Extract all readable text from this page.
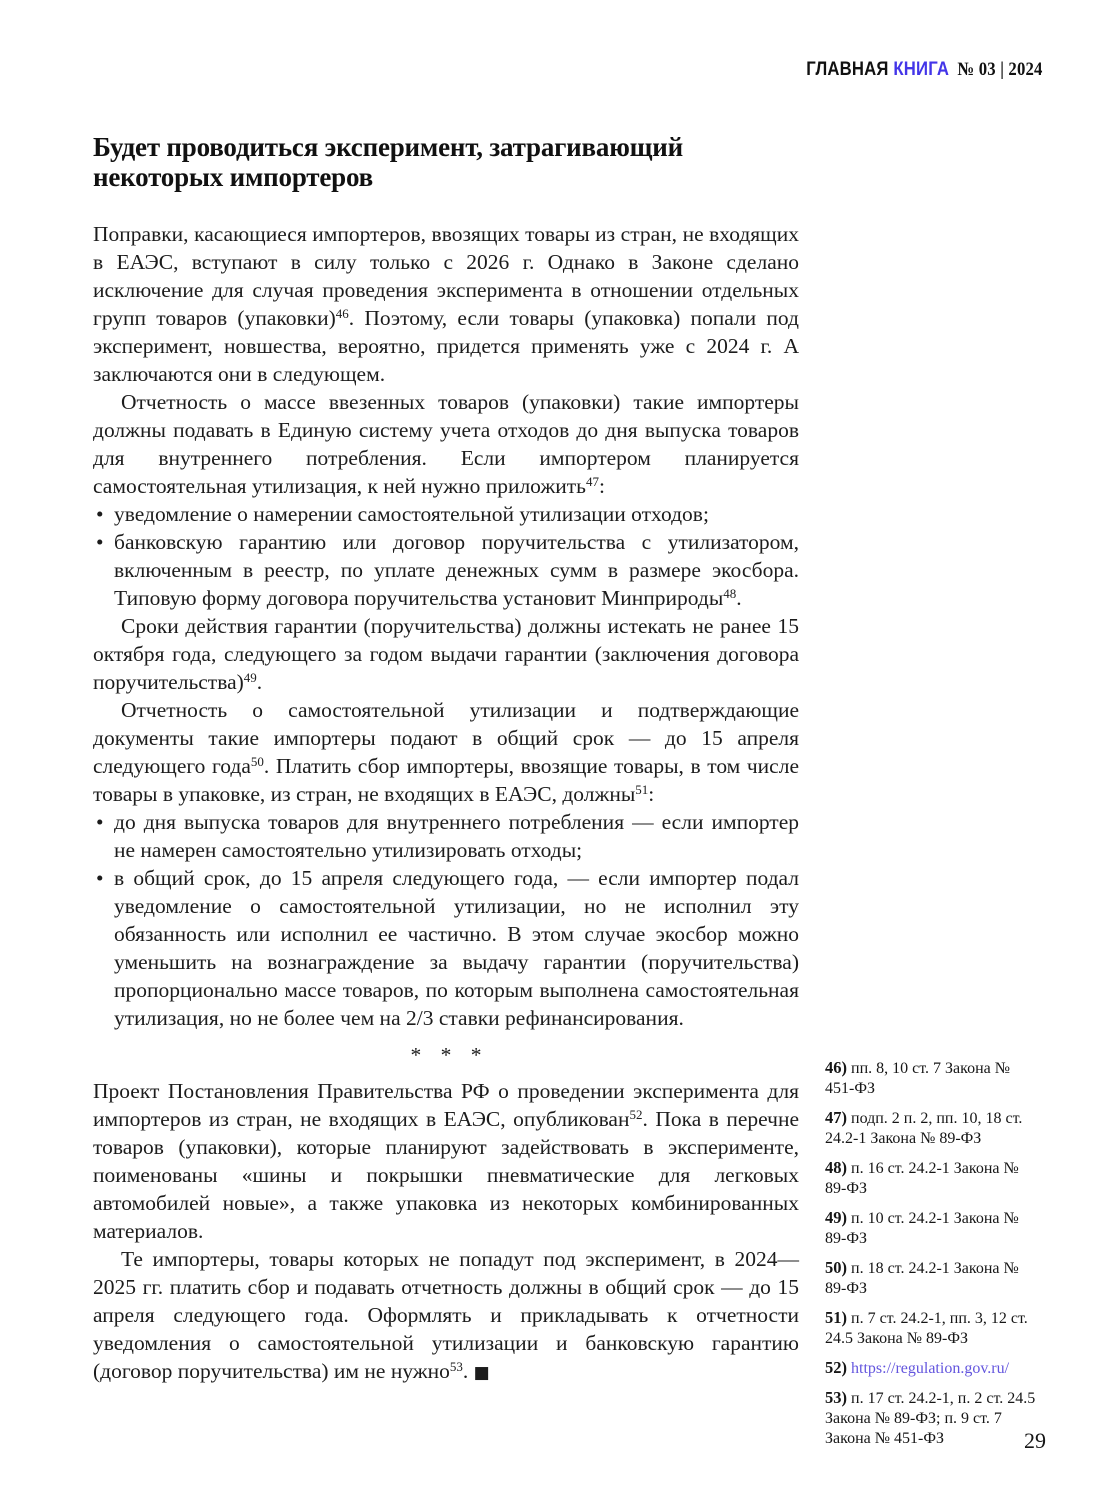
ГЛАВНАЯ КНИГА № 03 | 2024
Будет проводиться эксперимент, затрагивающий некоторых импортеров

Поправки, касающиеся импортеров, ввозящих товары из стран, не входящих в ЕАЭС, вступают в силу только с 2026 г. Однако в Законе сделано исключение для случая проведения эксперимента в отношении отдельных групп товаров (упаковки)$^{46}$. Поэтому, если товары (упаковка) попали под эксперимент, новшества, вероятно, придется применять уже с 2024 г. А заключаются они в следующем.

Отчетность о массе ввезенных товаров (упаковки) такие импортеры должны подавать в Единую систему учета отходов до дня выпуска товаров для внутреннего потребления. Если импортером планируется самостоятельная утилизация, к ней нужно приложить$^{47}$:

• уведомление о намерении самостоятельной утилизации отходов;

• банковскую гарантию или договор поручительства с утилизатором, включенным в реестр, по уплате денежных сумм в размере экосбора. Типовую форму договора поручительства установит Минприроды$^{48}$.

Сроки действия гарантии (поручительства) должны истекать не ранее 15 октября года, следующего за годом выдачи гарантии (заключения договора поручительства)$^{49}$.

Отчетность о самостоятельной утилизации и подтверждающие документы такие импортеры подают в общий срок — до 15 апреля следующего года$^{50}$. Платить сбор импортеры, ввозящие товары, в том числе товары в упаковке, из стран, не входящих в ЕАЭС, должны$^{51}$:

• до дня выпуска товаров для внутреннего потребления — если импортер не намерен самостоятельно утилизировать отходы;

• в общий срок, до 15 апреля следующего года, — если импортер подал уведомление о самостоятельной утилизации, но не исполнил эту обязанность или исполнил ее частично. В этом случае экосбор можно уменьшить на вознаграждение за выдачу гарантии (поручительства) пропорционально массе товаров, по которым выполнена самостоятельная утилизация, но не более чем на 2/3 ставки рефинансирования.

* * *

Проект Постановления Правительства РФ о проведении эксперимента для импортеров из стран, не входящих в ЕАЭС, опубликован$^{52}$. Пока в перечне товаров (упаковки), которые планируют задействовать в эксперименте, поименованы «шины и покрышки пневматические для легковых автомобилей новые», а также упаковка из некоторых комбинированных материалов.

Те импортеры, товары которых не попадут под эксперимент, в 2024—2025 гг. платить сбор и подавать отчетность должны в общий срок — до 15 апреля следующего года. Оформлять и прикладывать к отчетности уведомления о самостоятельной утилизации и банковскую гарантию (договор поручительства) им не нужно$^{53}$. ■

46) пп. 8, 10 ст. 7 Закона № 451-ФЗ
47) подп. 2 п. 2, пп. 10, 18 ст. 24.2-1 Закона № 89-ФЗ
48) п. 16 ст. 24.2-1 Закона № 89-ФЗ
49) п. 10 ст. 24.2-1 Закона № 89-ФЗ
50) п. 18 ст. 24.2-1 Закона № 89-ФЗ
51) п. 7 ст. 24.2-1, пп. 3, 12 ст. 24.5 Закона № 89-ФЗ
52) https://regulation.gov.ru/
53) п. 17 ст. 24.2-1, п. 2 ст. 24.5 Закона № 89-ФЗ; п. 9 ст. 7 Закона № 451-ФЗ	29
